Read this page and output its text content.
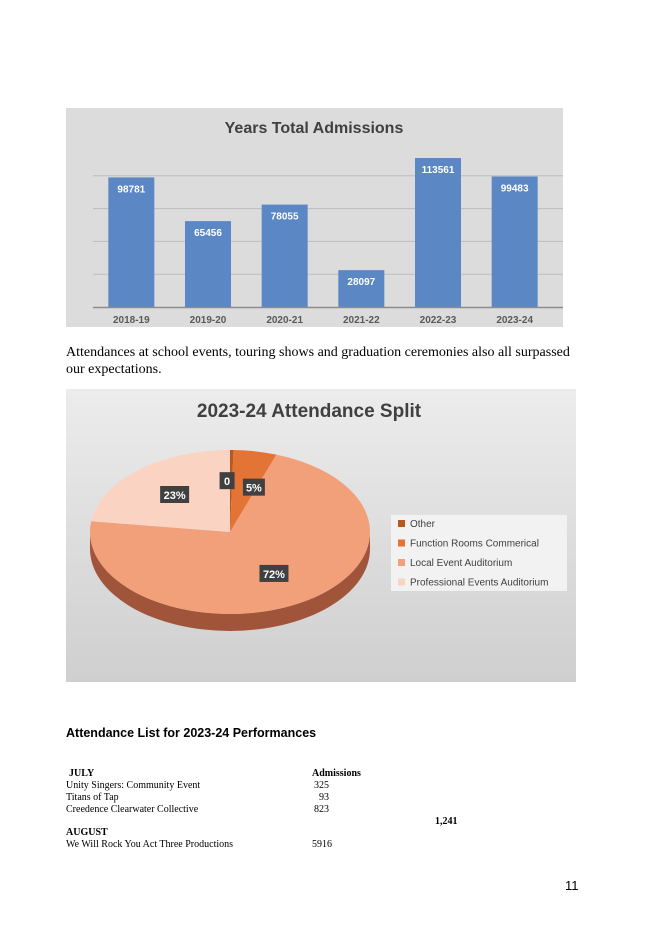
Years Total Admissions
98781
65456
78055
28097
113561
99483
2018-19	2019-20	2020-21	2021-22	2022-23	2023-24

Attendances at school events, touring shows and graduation ceremonies also all surpassed our expectations.

2023-24 Attendance Split
0
5%
72%
23%
Other
Function Rooms Commerical
Local Event Auditorium
Professional Events Auditorium
Attendance List for 2023-24 Performances
JULY	Admissions
Unity Singers: Community Event	325
Titans of Tap	93
Creedence Clearwater Collective	823
1,241
AUGUST
We Will Rock You Act Three Productions	5916
11
